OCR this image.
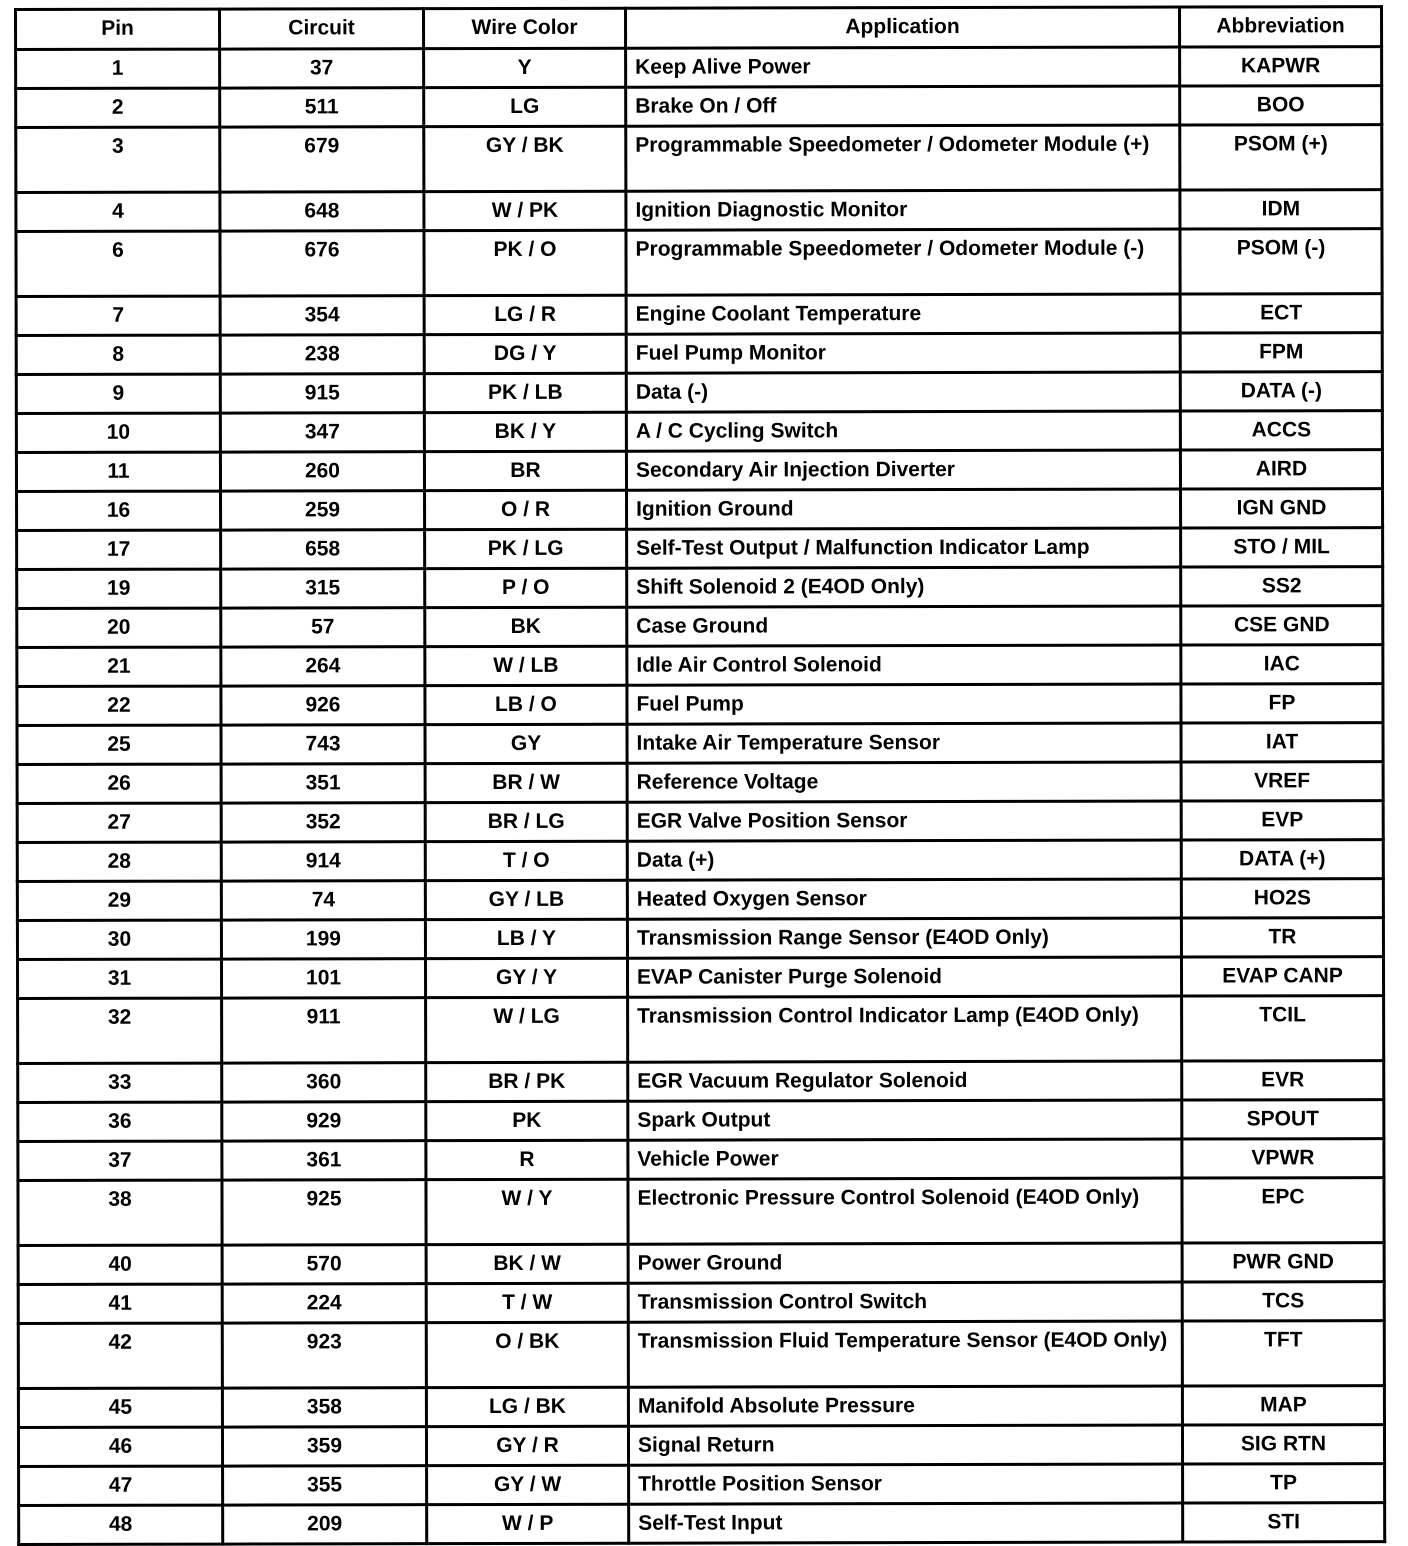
Pin	Circuit	Wire Color	Application	Abbreviation
1	37	Y	Keep Alive Power	KAPWR
2	511	LG	Brake On / Off	BOO
3	679	GY / BK	Programmable Speedometer / Odometer Module (+)	PSOM (+)
4	648	W / PK	Ignition Diagnostic Monitor	IDM
6	676	PK / O	Programmable Speedometer / Odometer Module (-)	PSOM (-)
7	354	LG / R	Engine Coolant Temperature	ECT
8	238	DG / Y	Fuel Pump Monitor	FPM
9	915	PK / LB	Data (-)	DATA (-)
10	347	BK / Y	A / C Cycling Switch	ACCS
11	260	BR	Secondary Air Injection Diverter	AIRD
16	259	O / R	Ignition Ground	IGN GND
17	658	PK / LG	Self-Test Output / Malfunction Indicator Lamp	STO / MIL
19	315	P / O	Shift Solenoid 2 (E4OD Only)	SS2
20	57	BK	Case Ground	CSE GND
21	264	W / LB	Idle Air Control Solenoid	IAC
22	926	LB / O	Fuel Pump	FP
25	743	GY	Intake Air Temperature Sensor	IAT
26	351	BR / W	Reference Voltage	VREF
27	352	BR / LG	EGR Valve Position Sensor	EVP
28	914	T / O	Data (+)	DATA (+)
29	74	GY / LB	Heated Oxygen Sensor	HO2S
30	199	LB / Y	Transmission Range Sensor (E4OD Only)	TR
31	101	GY / Y	EVAP Canister Purge Solenoid	EVAP CANP
32	911	W / LG	Transmission Control Indicator Lamp (E4OD Only)	TCIL
33	360	BR / PK	EGR Vacuum Regulator Solenoid	EVR
36	929	PK	Spark Output	SPOUT
37	361	R	Vehicle Power	VPWR
38	925	W / Y	Electronic Pressure Control Solenoid (E4OD Only)	EPC
40	570	BK / W	Power Ground	PWR GND
41	224	T / W	Transmission Control Switch	TCS
42	923	O / BK	Transmission Fluid Temperature Sensor (E4OD Only)	TFT
45	358	LG / BK	Manifold Absolute Pressure	MAP
46	359	GY / R	Signal Return	SIG RTN
47	355	GY / W	Throttle Position Sensor	TP
48	209	W / P	Self-Test Input	STI
